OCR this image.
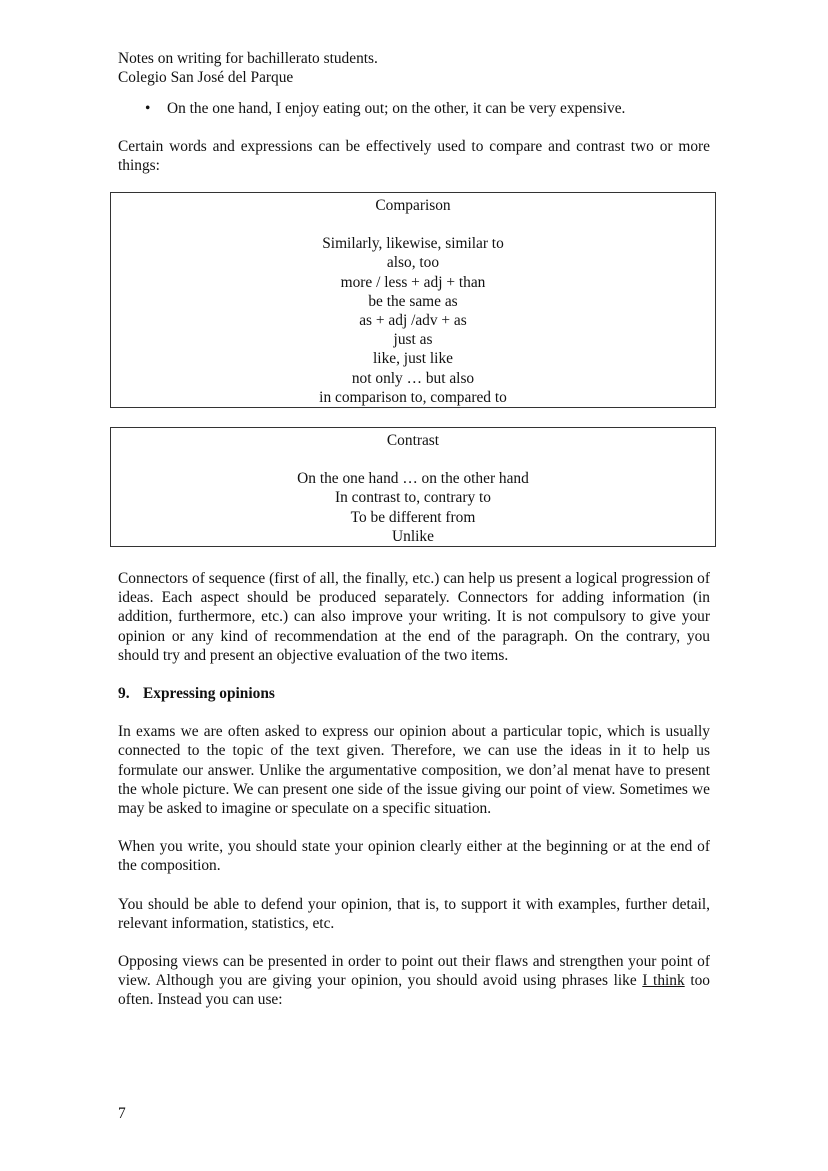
Notes on writing for bachillerato students.
Colegio San José del Parque
•	On the one hand, I enjoy eating out; on the other, it can be very expensive.

Certain words and expressions can be effectively used to compare and contrast two or more things:

Comparison
Similarly, likewise, similar to
also, too
more / less + adj + than
be the same as
as + adj /adv + as
just as
like, just like
not only … but also
in comparison to, compared to
Contrast
On the one hand … on the other hand
In contrast to, contrary to
To be different from
Unlike

Connectors of sequence (first of all, the finally, etc.) can help us present a logical progression of ideas. Each aspect should be produced separately. Connectors for adding information (in addition, furthermore, etc.) can also improve your writing. It is not compulsory to give your opinion or any kind of recommendation at the end of the paragraph. On the contrary, you should try and present an objective evaluation of the two items.

9. Expressing opinions

In exams we are often asked to express our opinion about a particular topic, which is usually connected to the topic of the text given. Therefore, we can use the ideas in it to help us formulate our answer. Unlike the argumentative composition, we don’al menat have to present the whole picture. We can present one side of the issue giving our point of view. Sometimes we may be asked to imagine or speculate on a specific situation.

When you write, you should state your opinion clearly either at the beginning or at the end of the composition.

You should be able to defend your opinion, that is, to support it with examples, further detail, relevant information, statistics, etc.

Opposing views can be presented in order to point out their flaws and strengthen your point of view. Although you are giving your opinion, you should avoid using phrases like I think too often. Instead you can use:

7
